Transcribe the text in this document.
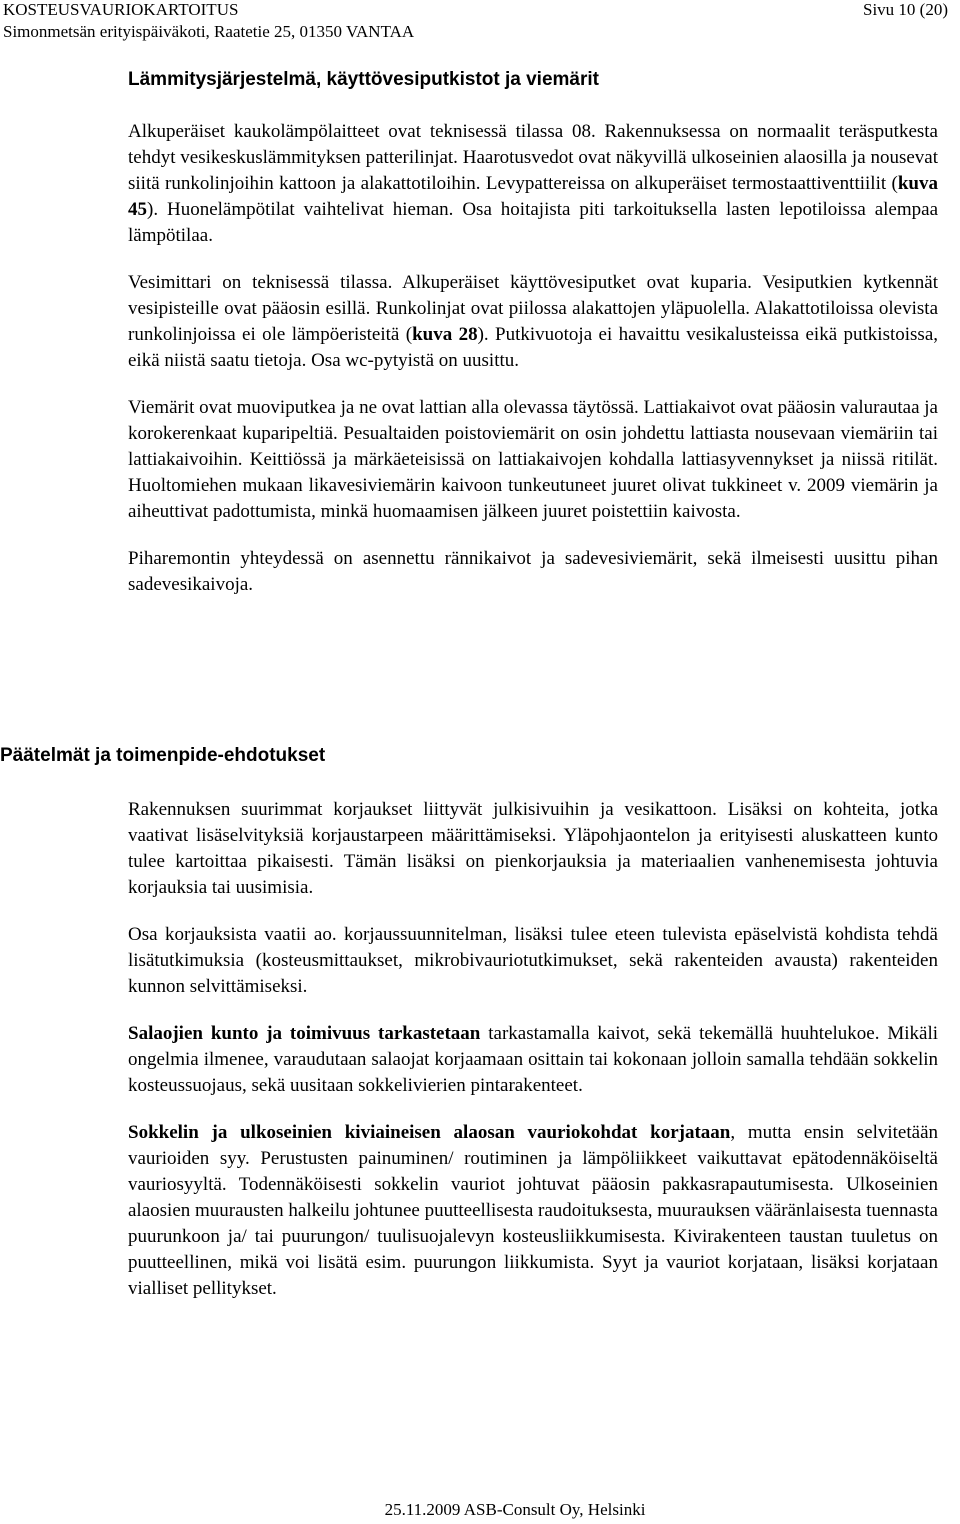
KOSTEUSVAURIOKARTOITUS
Simonmetsän erityispäiväkoti, Raatetie 25, 01350 VANTAA
Sivu 10 (20)
Lämmitysjärjestelmä, käyttövesiputkistot ja viemärit

Alkuperäiset kaukolämpölaitteet ovat teknisessä tilassa 08. Rakennuksessa on normaalit teräsputkesta tehdyt vesikeskuslämmityksen patterilinjat. Haarotusvedot ovat näkyvillä ulkoseinien alaosilla ja nousevat siitä runkolinjoihin kattoon ja alakattotiloihin. Levypattereissa on alkuperäiset termostaattiventtiilit (kuva 45). Huonelämpötilat vaihtelivat hieman. Osa hoitajista piti tarkoituksella lasten lepotiloissa alempaa lämpötilaa.

Vesimittari on teknisessä tilassa. Alkuperäiset käyttövesiputket ovat kuparia. Vesiputkien kytkennät vesipisteille ovat pääosin esillä. Runkolinjat ovat piilossa alakattojen yläpuolella. Alakattotiloissa olevista runkolinjoissa ei ole lämpöeristeitä (kuva 28). Putkivuotoja ei havaittu vesikalusteissa eikä putkistoissa, eikä niistä saatu tietoja. Osa wc-pytyistä on uusittu.

Viemärit ovat muoviputkea ja ne ovat lattian alla olevassa täytössä. Lattiakaivot ovat pääosin valurautaa ja korokerenkaat kuparipeltiä. Pesualtaiden poistoviemärit on osin johdettu lattiasta nousevaan viemäriin tai lattiakaivoihin. Keittiössä ja märkäeteisissä on lattiakaivojen kohdalla lattiasyvennykset ja niissä ritilät. Huoltomiehen mukaan likavesiviemärin kaivoon tunkeutuneet juuret olivat tukkineet v. 2009 viemärin ja aiheuttivat padottumista, minkä huomaamisen jälkeen juuret poistettiin kaivosta.

Piharemontin yhteydessä on asennettu rännikaivot ja sadevesiviemärit, sekä ilmeisesti uusittu pihan sadevesikaivoja.

Päätelmät ja toimenpide-ehdotukset

Rakennuksen suurimmat korjaukset liittyvät julkisivuihin ja vesikattoon. Lisäksi on kohteita, jotka vaativat lisäselvityksiä korjaustarpeen määrittämiseksi. Yläpohjaontelon ja erityisesti aluskatteen kunto tulee kartoittaa pikaisesti. Tämän lisäksi on pienkorjauksia ja materiaalien vanhenemisesta johtuvia korjauksia tai uusimisia.

Osa korjauksista vaatii ao. korjaussuunnitelman, lisäksi tulee eteen tulevista epäselvistä kohdista tehdä lisätutkimuksia (kosteusmittaukset, mikrobivauriotutkimukset, sekä rakenteiden avausta) rakenteiden kunnon selvittämiseksi.

Salaojien kunto ja toimivuus tarkastetaan tarkastamalla kaivot, sekä tekemällä huuhtelukoe. Mikäli ongelmia ilmenee, varaudutaan salaojat korjaamaan osittain tai kokonaan jolloin samalla tehdään sokkelin kosteussuojaus, sekä uusitaan sokkelivierien pintarakenteet.

Sokkelin ja ulkoseinien kiviaineisen alaosan vauriokohdat korjataan, mutta ensin selvitetään vaurioiden syy. Perustusten painuminen/ routiminen ja lämpöliikkeet vaikuttavat epätodennäköiseltä vauriosyyltä. Todennäköisesti sokkelin vauriot johtuvat pääosin pakkasrapautumisesta. Ulkoseinien alaosien muurausten halkeilu johtunee puutteellisesta raudoituksesta, muurauksen vääränlaisesta tuennasta puurunkoon ja/ tai puurungon/ tuulisuojalevyn kosteusliikkumisesta. Kivirakenteen taustan tuuletus on puutteellinen, mikä voi lisätä esim. puurungon liikkumista. Syyt ja vauriot korjataan, lisäksi korjataan vialliset pellitykset.

25.11.2009 ASB-Consult Oy, Helsinki
